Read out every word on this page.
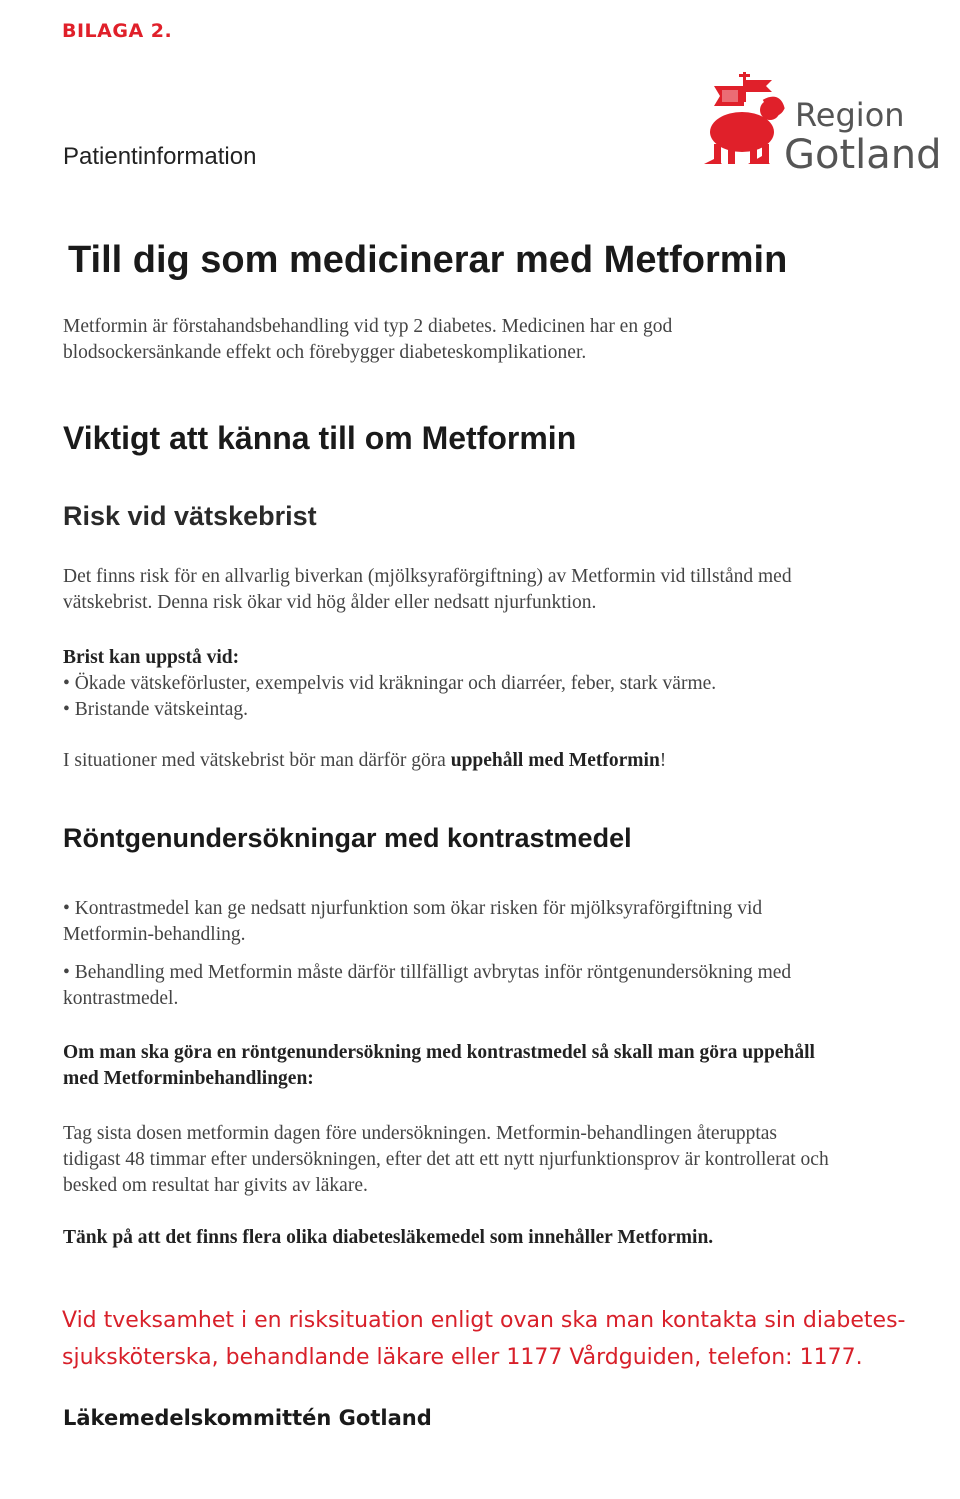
BILAGA 2.
Patientinformation
Region
Gotland
Till dig som medicinerar med Metformin
Metformin är förstahandsbehandling vid typ 2 diabetes. Medicinen har en god
blodsockersänkande effekt och förebygger diabeteskomplikationer.
Viktigt att känna till om Metformin
Risk vid vätskebrist
Det finns risk för en allvarlig biverkan (mjölksyraförgiftning) av Metformin vid tillstånd med
vätskebrist. Denna risk ökar vid hög ålder eller nedsatt njurfunktion.
Brist kan uppstå vid:
• Ökade vätskeförluster, exempelvis vid kräkningar och diarréer, feber, stark värme.
• Bristande vätskeintag.
I situationer med vätskebrist bör man därför göra uppehåll med Metformin!
Röntgenundersökningar med kontrastmedel
• Kontrastmedel kan ge nedsatt njurfunktion som ökar risken för mjölksyraförgiftning vid
Metformin-behandling.
• Behandling med Metformin måste därför tillfälligt avbrytas inför röntgenundersökning med
kontrastmedel.
Om man ska göra en röntgenundersökning med kontrastmedel så skall man göra uppehåll
med Metforminbehandlingen:
Tag sista dosen metformin dagen före undersökningen. Metformin-behandlingen återupptas
tidigast 48 timmar efter undersökningen, efter det att ett nytt njurfunktionsprov är kontrollerat och
besked om resultat har givits av läkare.
Tänk på att det finns flera olika diabetesläkemedel som innehåller Metformin.
Vid tveksamhet i en risksituation enligt ovan ska man kontakta sin diabetes-
sjuksköterska, behandlande läkare eller 1177 Vårdguiden, telefon: 1177.
Läkemedelskommittén Gotland
